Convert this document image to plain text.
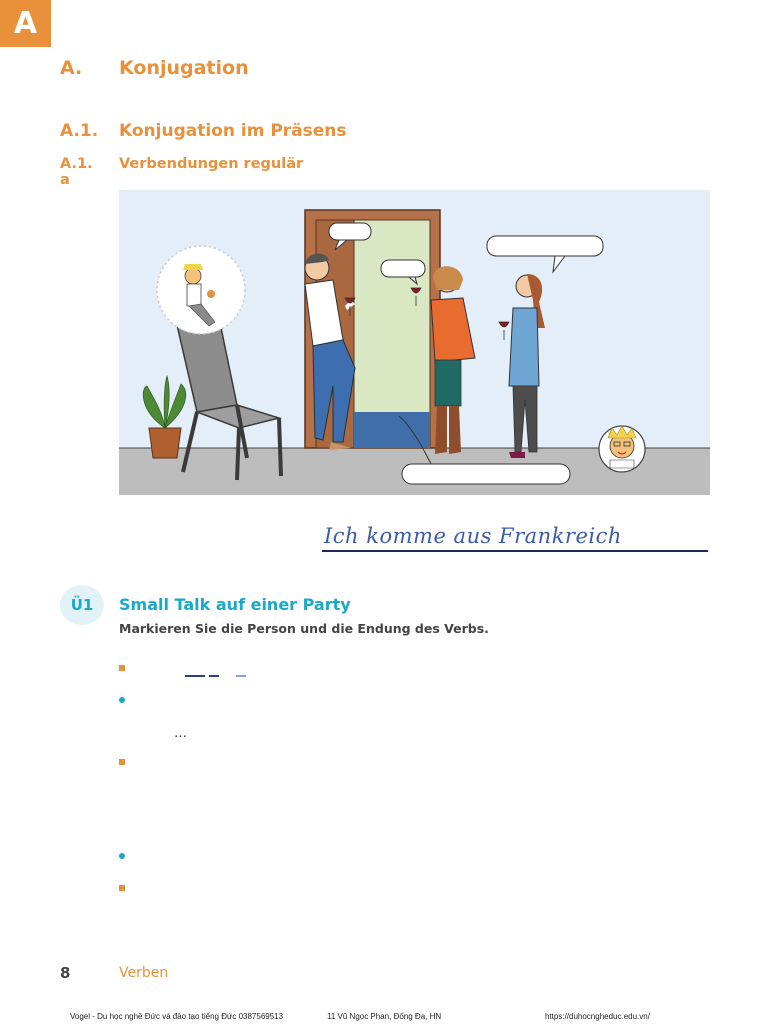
A
A. Konjugation
A.1. Konjugation im Präsens
A.1. a
Verbendungen regulär
Ich komme aus Frankreich
Ü1	Small Talk auf einer Party

Markieren Sie die Person und die Endung des Verbs.

…
8	Verben
Vogel - Du học nghề Đức và đào tạo tiếng Đức 0387569513	11 Vũ Ngọc Phan, Đống Đa, HN	https://duhocngheduc.edu.vn/
